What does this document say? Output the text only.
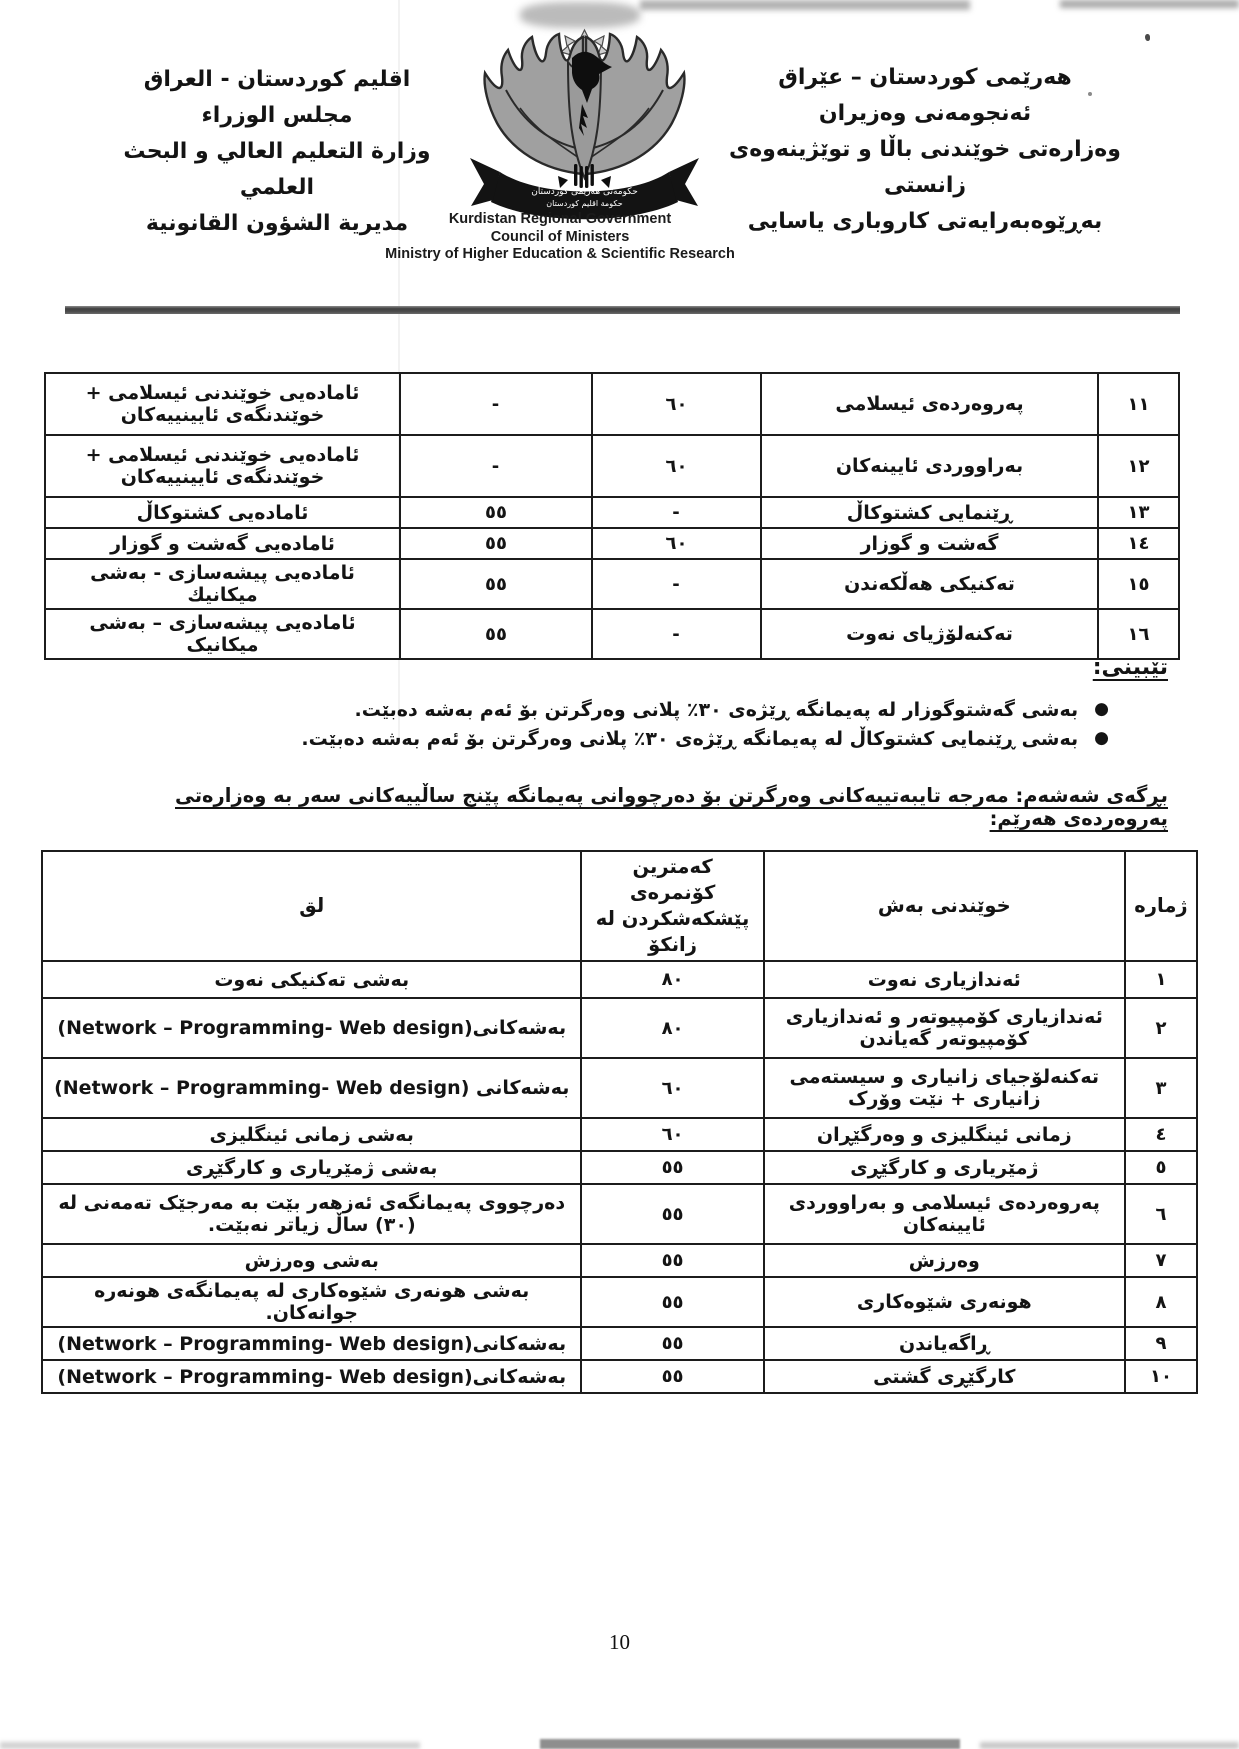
هەرێمی کوردستان – عێراق
ئەنجومەنی وەزیران
وەزارەتی خوێندنی باڵا و توێژینەوەی زانستی
بەڕێوەبەرایەتی کاروباری یاسایی
اقليم كوردستان - العراق
مجلس الوزراء
وزارة التعليم العالي و البحث العلمي
مديرية الشؤون القانونية
حكومەتى هەرێمى كوردستان
حكومة اقليم كوردستان
Kurdistan Regional Government
Council of Ministers
Ministry of Higher Education & Scientific Research
١١	پەروەردەی ئیسلامی	٦٠	-	ئامادەیی خوێندنی ئیسلامی + خوێندنگەی ئایینییەکان
١٢	بەراووردی ئایینەکان	٦٠	-	ئامادەیی خوێندنی ئیسلامی + خوێندنگەی ئایینییەکان
١٣	ڕێنمایی کشتوکاڵ	-	٥٥	ئامادەیی کشتوکاڵ
١٤	گەشت و گوزار	٦٠	٥٥	ئامادەیی گەشت و گوزار
١٥	تەکنیکی هەڵکەندن	-	٥٥	ئامادەیی پیشەسازی - بەشی میکانیك
١٦	تەکنەلۆژیای نەوت	-	٥٥	ئامادەیی پیشەسازی – بەشی میکانیک
تێبینی:
●بەشی گەشتوگوزار لە پەیمانگە ڕێژەی ٣٠٪ پلانی وەرگرتن بۆ ئەم بەشە دەبێت.
●بەشی ڕێنمایی کشتوکاڵ لە پەیمانگە ڕێژەی ٣٠٪ پلانی وەرگرتن بۆ ئەم بەشە دەبێت.
بڕگەی شەشەم: مەرجە تایبەتییەکانی وەرگرتن بۆ دەرچووانی پەیمانگە پێنج ساڵییەکانی سەر بە وەزارەتی پەروەردەی هەرێم:
ژمارە	خوێندنی بەش	کەمترین کۆنمرەی پێشکەشکردن لە زانکۆ	لق
١	ئەندازیاری نەوت	٨٠	بەشی تەکنیکی نەوت
٢	ئەندازیاری کۆمپیوتەر و ئەندازیاری کۆمپیوتەر گەیاندن	٨٠	بەشەکانی(Network – Programming- Web design)
٣	تەکنەلۆجیای زانیاری و سیستەمی زانیاری + نێت وۆرک	٦٠	بەشەکانی (Network – Programming- Web design)
٤	زمانی ئینگلیزی و وەرگێڕان	٦٠	بەشی زمانی ئینگلیزی
٥	ژمێریاری و کارگێڕی	٥٥	بەشی ژمێریاری و کارگێڕی
٦	پەروەردەی ئیسلامی و بەراووردی ئایینەکان	٥٥	دەرچووی پەیمانگەی ئەزهەر بێت بە مەرجێک تەمەنی لە (٣٠) ساڵ زیاتر نەبێت.
٧	وەرزش	٥٥	بەشی وەرزش
٨	هونەری شێوەکاری	٥٥	بەشی هونەری شێوەکاری لە پەیمانگەی هونەرە جوانەکان.
٩	ڕاگەیاندن	٥٥	بەشەکانی(Network – Programming- Web design)
١٠	کارگێڕی گشتی	٥٥	بەشەکانی(Network – Programming- Web design)
10
